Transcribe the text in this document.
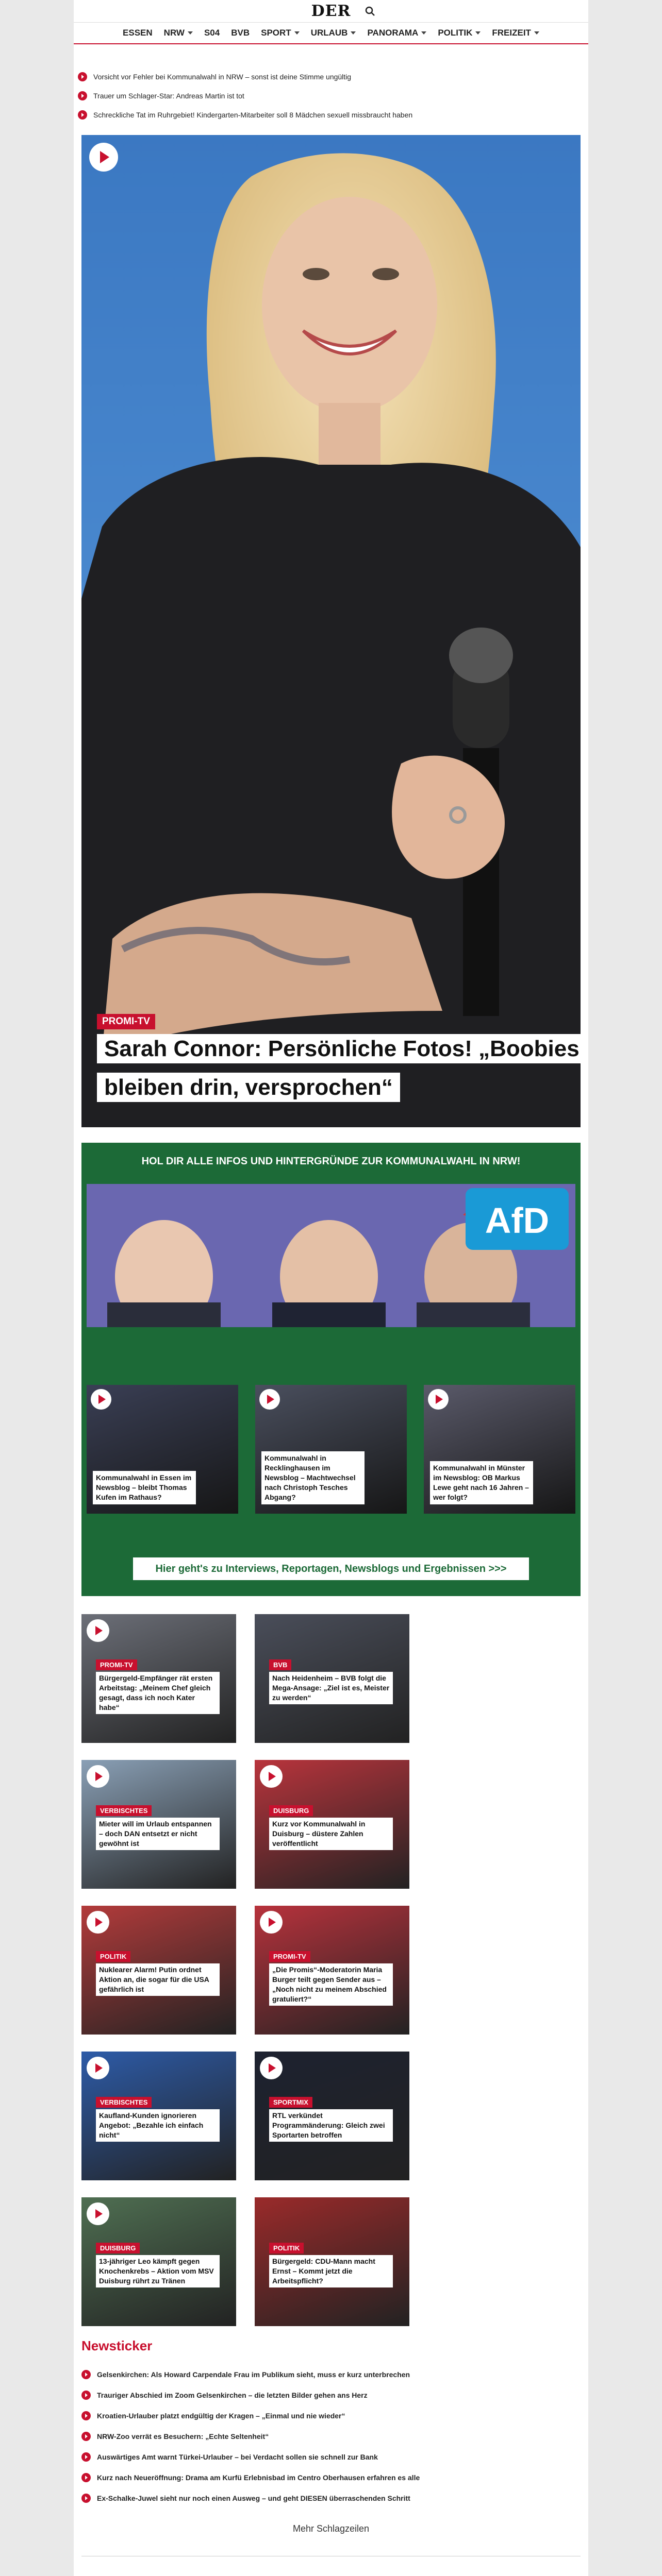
DER
ESSEN NRW S04 BVB SPORT URLAUB PANORAMA POLITIK FREIZEIT
Vorsicht vor Fehler bei Kommunalwahl in NRW – sonst ist deine Stimme ungültig
Trauer um Schlager-Star: Andreas Martin ist tot
Schreckliche Tat im Ruhrgebiet! Kindergarten-Mitarbeiter soll 8 Mädchen sexuell missbraucht haben
PROMI-TV
Sarah Connor: Persönliche Fotos! „Boobies bleiben drin, versprochen“
HOL DIR ALLE INFOS UND HINTERGRÜNDE ZUR KOMMUNALWAHL IN NRW!
AfD
Kommunalwahl in Essen im Newsblog – bleibt Thomas Kufen im Rathaus?
Kommunalwahl in Recklinghausen im Newsblog – Machtwechsel nach Christoph Tesches Abgang?
Kommunalwahl in Münster im Newsblog: OB Markus Lewe geht nach 16 Jahren – wer folgt?
Hier geht's zu Interviews, Reportagen, Newsblogs und Ergebnissen >>>
PROMI-TV
Bürgergeld-Empfänger rät ersten Arbeitstag: „Meinem Chef gleich gesagt, dass ich noch Kater habe“
BVB
Nach Heidenheim – BVB folgt die Mega-Ansage: „Ziel ist es, Meister zu werden“
VERBISCHTES
Mieter will im Urlaub entspannen – doch DAN entsetzt er nicht gewöhnt ist
DUISBURG
Kurz vor Kommunalwahl in Duisburg – düstere Zahlen veröffentlicht
POLITIK
Nuklearer Alarm! Putin ordnet Aktion an, die sogar für die USA gefährlich ist
PROMI-TV
„Die Promis“-Moderatorin Maria Burger teilt gegen Sender aus – „Noch nicht zu meinem Abschied gratuliert?“
VERBISCHTES
Kaufland-Kunden ignorieren Angebot: „Bezahle ich einfach nicht“
SPORTMIX
RTL verkündet Programmänderung: Gleich zwei Sportarten betroffen
DUISBURG
13-jähriger Leo kämpft gegen Knochenkrebs – Aktion vom MSV Duisburg rührt zu Tränen
POLITIK
Bürgergeld: CDU-Mann macht Ernst – Kommt jetzt die Arbeitspflicht?
Newsticker
Gelsenkirchen: Als Howard Carpendale Frau im Publikum sieht, muss er kurz unterbrechen
Trauriger Abschied im Zoom Gelsenkirchen – die letzten Bilder gehen ans Herz
Kroatien-Urlauber platzt endgültig der Kragen – „Einmal und nie wieder“
NRW-Zoo verrät es Besuchern: „Echte Seltenheit“
Auswärtiges Amt warnt Türkei-Urlauber – bei Verdacht sollen sie schnell zur Bank
Kurz nach Neueröffnung: Drama am Kurfü Erlebnisbad im Centro Oberhausen erfahren es alle
Ex-Schalke-Juwel sieht nur noch einen Ausweg – und geht DIESEN überraschenden Schritt
Mehr Schlagzeilen
